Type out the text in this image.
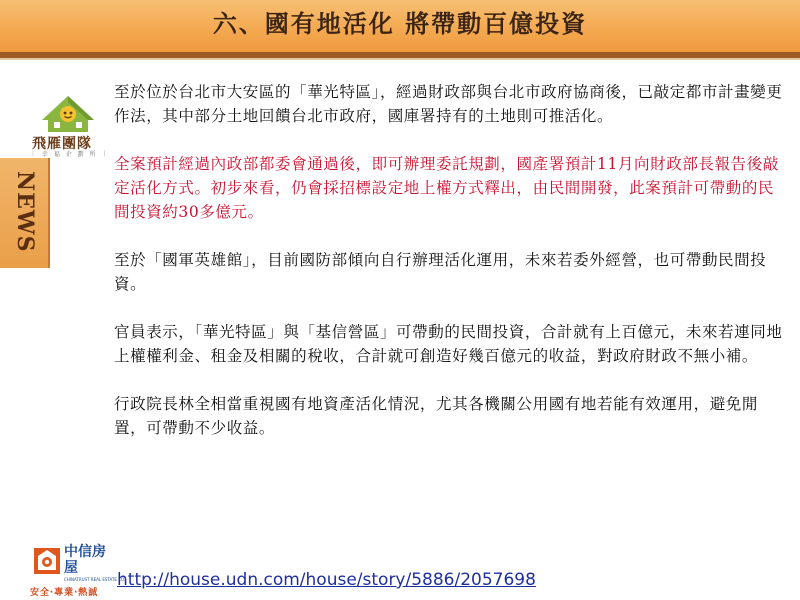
六、國有地活化 將帶動百億投資
飛雁團隊
｜ 幸 福 企 劃 所 ｜
NEWS

至於位於台北市大安區的「華光特區」，經過財政部與台北市政府協商後，已敲定都市計畫變更作法，其中部分土地回饋台北市政府，國庫署持有的土地則可推活化。

全案預計經過內政部都委會通過後，即可辦理委託規劃，國產署預計11月向財政部長報告後敲定活化方式。初步來看，仍會採招標設定地上權方式釋出，由民間開發，此案預計可帶動的民間投資約30多億元。

至於「國軍英雄館」，目前國防部傾向自行辦理活化運用，未來若委外經營，也可帶動民間投資。

官員表示，「華光特區」與「基信營區」可帶動的民間投資，合計就有上百億元，未來若連同地上權權利金、租金及相關的稅收，合計就可創造好幾百億元的收益，對政府財政不無小補。

行政院長林全相當重視國有地資產活化情況，尤其各機關公用國有地若能有效運用，避免閒置，可帶動不少收益。

中信房屋
CHINATRUST REAL ESTATE CO.
安全‧專業‧熱誠
http://house.udn.com/house/story/5886/2057698
